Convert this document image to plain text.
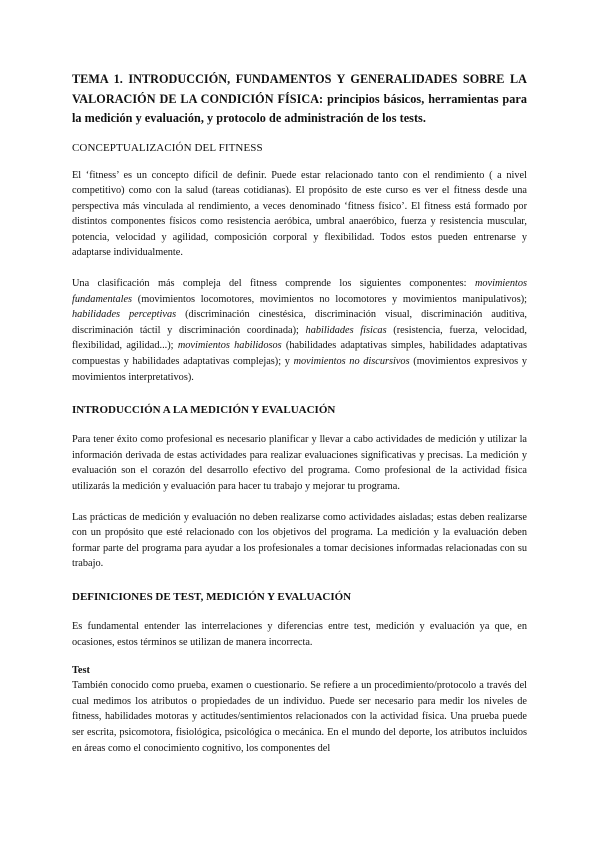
TEMA 1. INTRODUCCIÓN, FUNDAMENTOS Y GENERALIDADES SOBRE LA VALORACIÓN DE LA CONDICIÓN FÍSICA: principios básicos, herramientas para la medición y evaluación, y protocolo de administración de los tests.
CONCEPTUALIZACIÓN DEL FITNESS

El ‘fitness’ es un concepto difícil de definir. Puede estar relacionado tanto con el rendimiento ( a nivel competitivo) como con la salud (tareas cotidianas). El propósito de este curso es ver el fitness desde una perspectiva más vinculada al rendimiento, a veces denominado ‘fitness físico’. El fitness está formado por distintos componentes físicos como resistencia aeróbica, umbral anaeróbico, fuerza y resistencia muscular, potencia, velocidad y agilidad, composición corporal y flexibilidad. Todos estos pueden entrenarse y adaptarse individualmente.

Una clasificación más compleja del fitness comprende los siguientes componentes: movimientos fundamentales (movimientos locomotores, movimientos no locomotores y movimientos manipulativos); habilidades perceptivas (discriminación cinestésica, discriminación visual, discriminación auditiva, discriminación táctil y discriminación coordinada); habilidades físicas (resistencia, fuerza, velocidad, flexibilidad, agilidad...); movimientos habilidosos (habilidades adaptativas simples, habilidades adaptativas compuestas y habilidades adaptativas complejas); y movimientos no discursivos (movimientos expresivos y movimientos interpretativos).

INTRODUCCIÓN A LA MEDICIÓN Y EVALUACIÓN

Para tener éxito como profesional es necesario planificar y llevar a cabo actividades de medición y utilizar la información derivada de estas actividades para realizar evaluaciones significativas y precisas. La medición y evaluación son el corazón del desarrollo efectivo del programa. Como profesional de la actividad física utilizarás la medición y evaluación para hacer tu trabajo y mejorar tu programa.

Las prácticas de medición y evaluación no deben realizarse como actividades aisladas; estas deben realizarse con un propósito que esté relacionado con los objetivos del programa. La medición y la evaluación deben formar parte del programa para ayudar a los profesionales a tomar decisiones informadas relacionadas con su trabajo.

DEFINICIONES DE TEST, MEDICIÓN Y EVALUACIÓN

Es fundamental entender las interrelaciones y diferencias entre test, medición y evaluación ya que, en ocasiones, estos términos se utilizan de manera incorrecta.

Test

También conocido como prueba, examen o cuestionario. Se refiere a un procedimiento/protocolo a través del cual medimos los atributos o propiedades de un individuo. Puede ser necesario para medir los niveles de fitness, habilidades motoras y actitudes/sentimientos relacionados con la actividad física. Una prueba puede ser escrita, psicomotora, fisiológica, psicológica o mecánica. En el mundo del deporte, los atributos incluidos en áreas como el conocimiento cognitivo, los componentes del
